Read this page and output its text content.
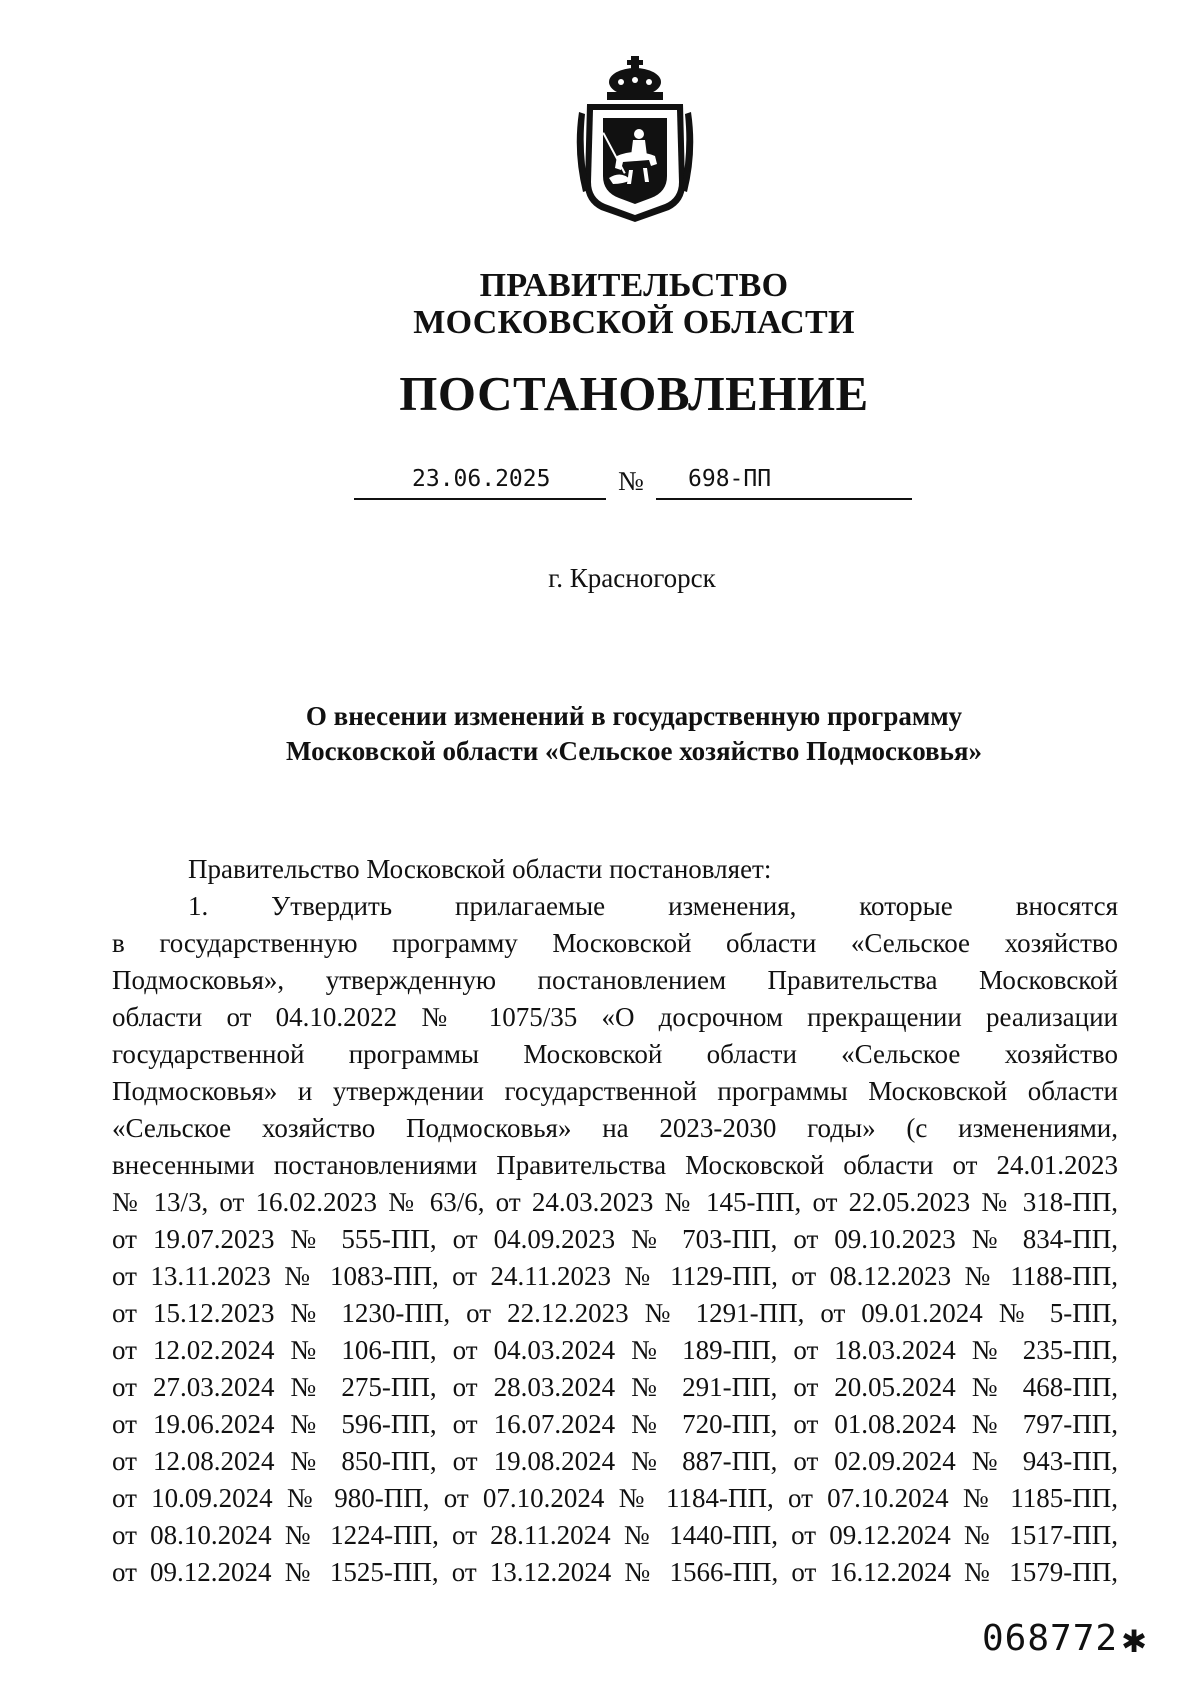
ПРАВИТЕЛЬСТВО
МОСКОВСКОЙ ОБЛАСТИ
ПОСТАНОВЛЕНИЕ
23.06.2025	№ 698-ПП
г. Красногорск
О внесении изменений в государственную программу
Московской области «Сельское хозяйство Подмосковья»
Правительство Московской области постановляет:
1. Утвердить прилагаемые изменения, которые вносятся
в государственную программу Московской области «Сельское хозяйство
Подмосковья», утвержденную постановлением Правительства Московской
области от 04.10.2022 № 1075/35 «О досрочном прекращении реализации
государственной программы Московской области «Сельское хозяйство
Подмосковья» и утверждении государственной программы Московской области
«Сельское хозяйство Подмосковья» на 2023-2030 годы» (с изменениями,
внесенными постановлениями Правительства Московской области от 24.01.2023
№ 13/3, от 16.02.2023 № 63/6, от 24.03.2023 № 145-ПП, от 22.05.2023 № 318-ПП,
от 19.07.2023 № 555-ПП, от 04.09.2023 № 703-ПП, от 09.10.2023 № 834-ПП,
от 13.11.2023 № 1083-ПП, от 24.11.2023 № 1129-ПП, от 08.12.2023 № 1188-ПП,
от 15.12.2023 № 1230-ПП, от 22.12.2023 № 1291-ПП, от 09.01.2024 № 5-ПП,
от 12.02.2024 № 106-ПП, от 04.03.2024 № 189-ПП, от 18.03.2024 № 235-ПП,
от 27.03.2024 № 275-ПП, от 28.03.2024 № 291-ПП, от 20.05.2024 № 468-ПП,
от 19.06.2024 № 596-ПП, от 16.07.2024 № 720-ПП, от 01.08.2024 № 797-ПП,
от 12.08.2024 № 850-ПП, от 19.08.2024 № 887-ПП, от 02.09.2024 № 943-ПП,
от 10.09.2024 № 980-ПП, от 07.10.2024 № 1184-ПП, от 07.10.2024 № 1185-ПП,
от 08.10.2024 № 1224-ПП, от 28.11.2024 № 1440-ПП, от 09.12.2024 № 1517-ПП,
от 09.12.2024 № 1525-ПП, от 13.12.2024 № 1566-ПП, от 16.12.2024 № 1579-ПП,
068772 ✱
